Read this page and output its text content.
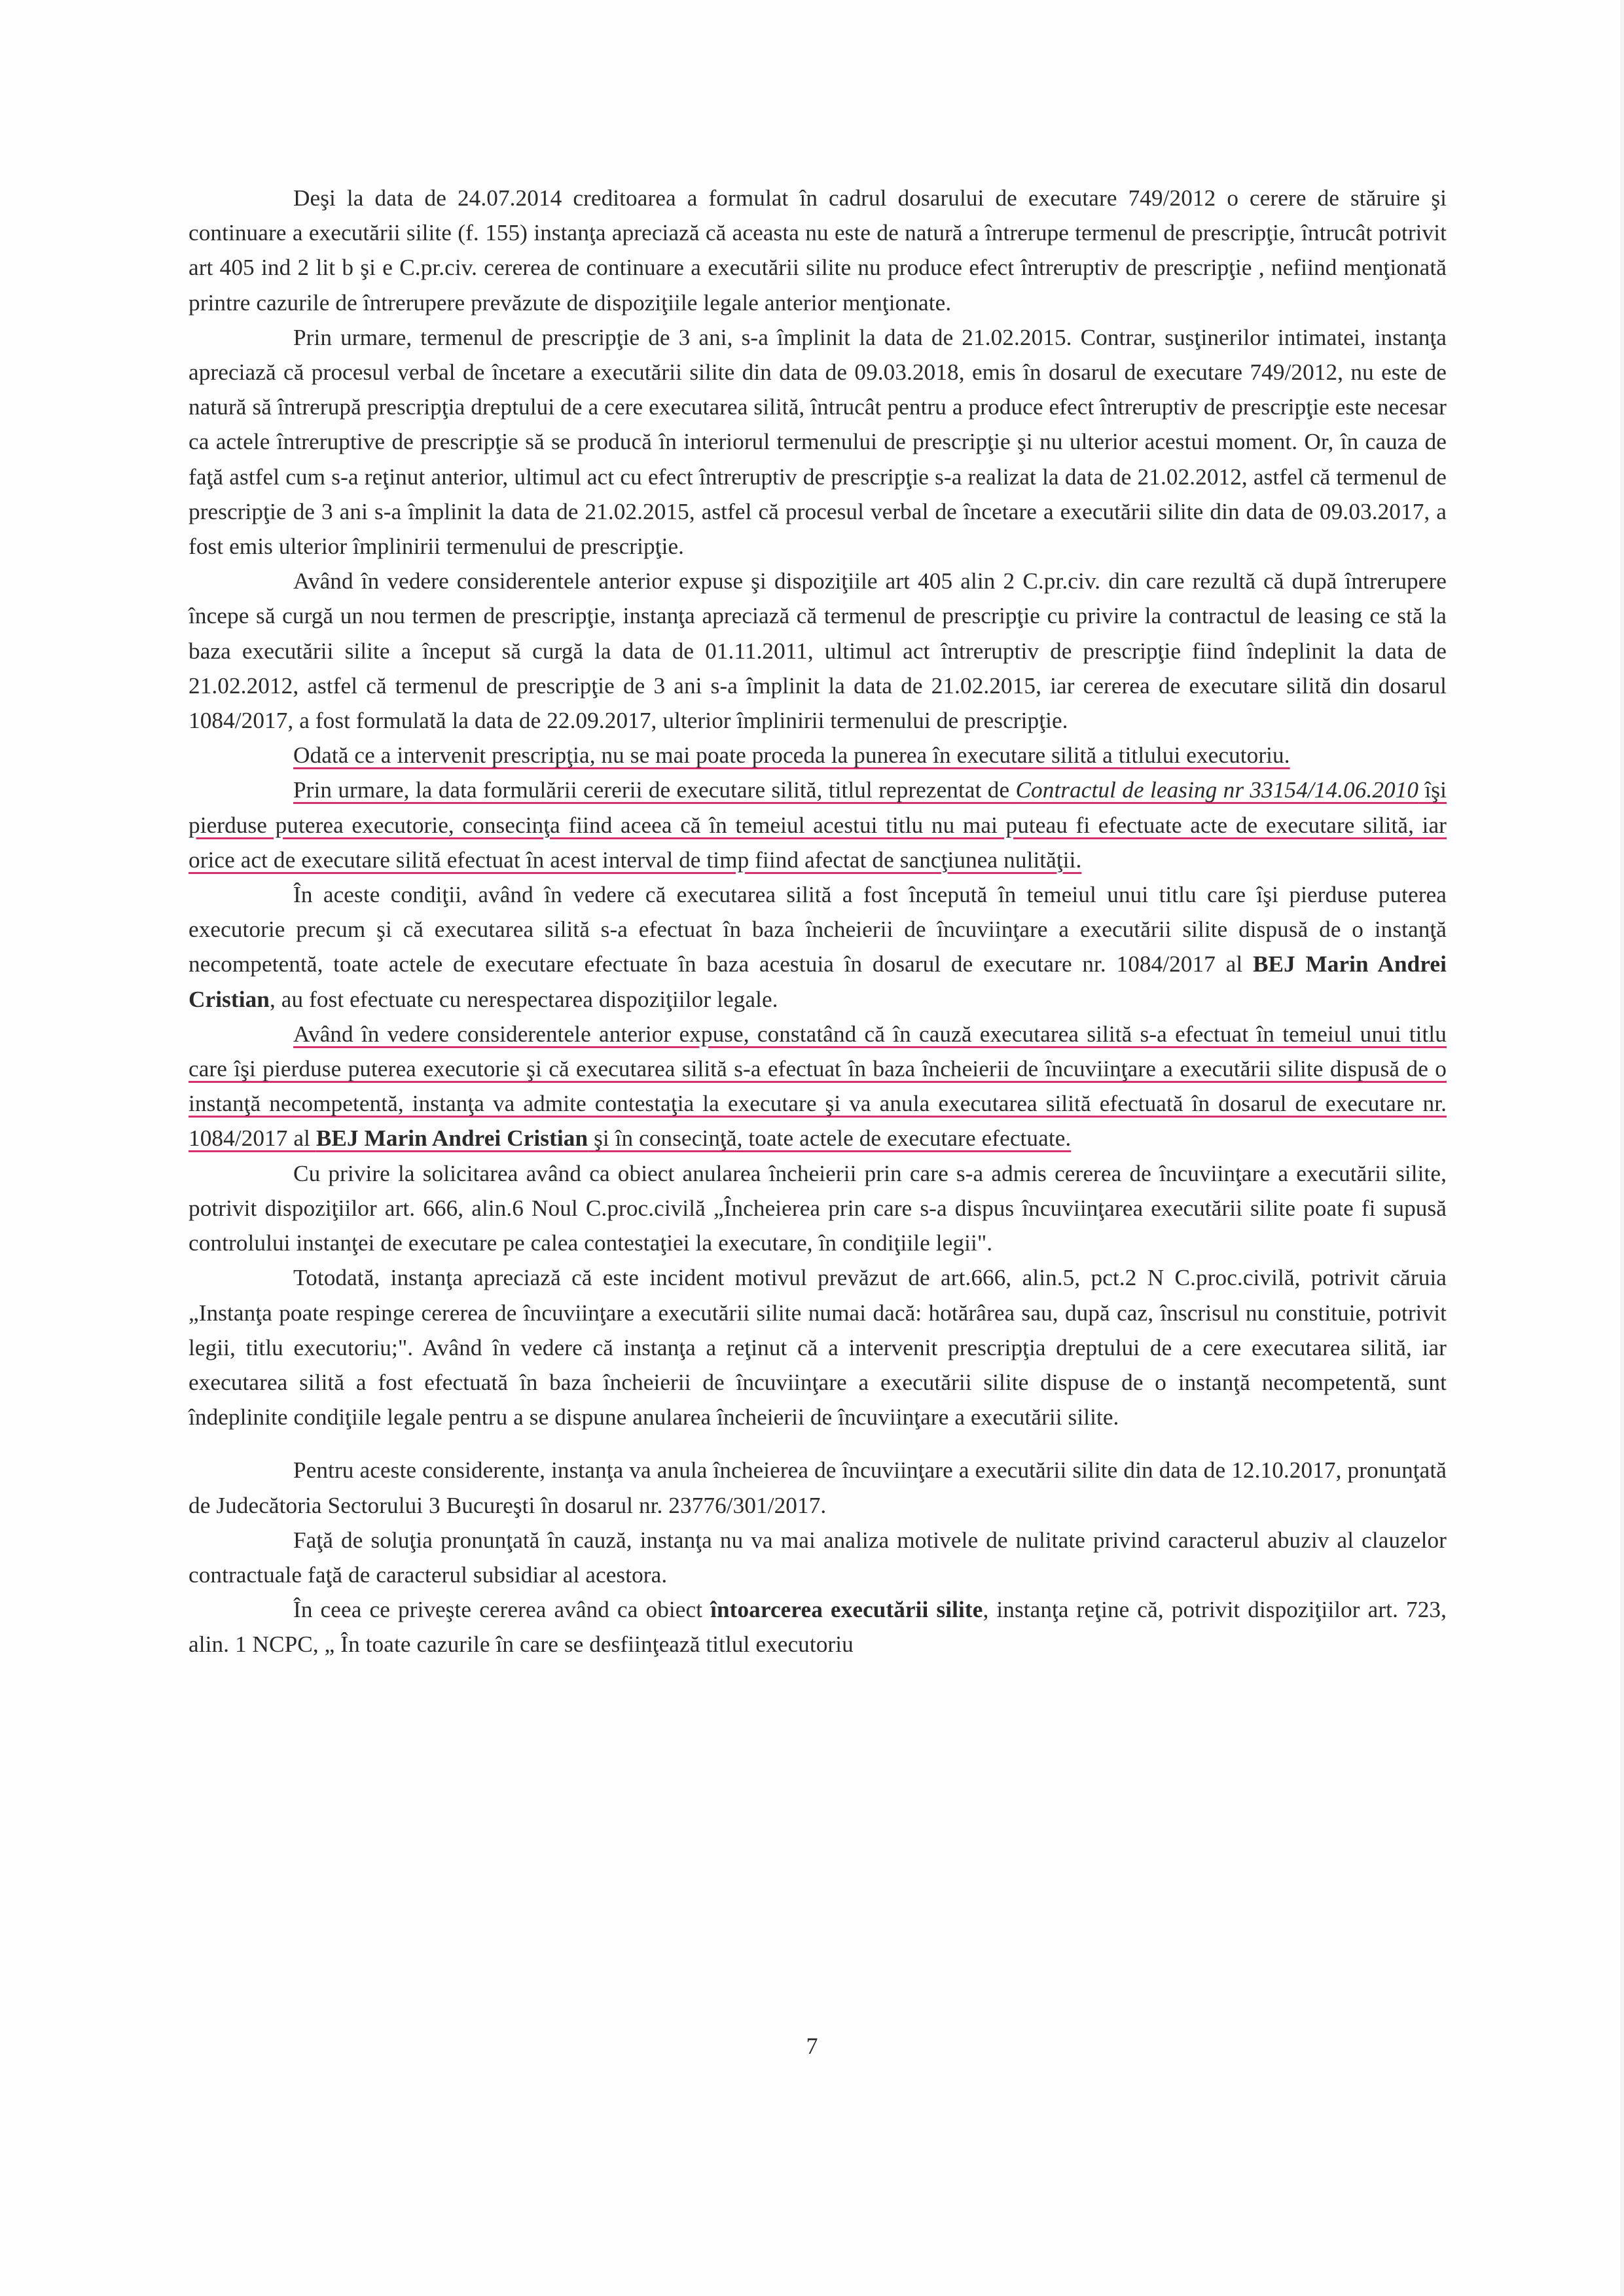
Deşi la data de 24.07.2014 creditoarea a formulat în cadrul dosarului de executare 749/2012 o cerere de stăruire şi continuare a executării silite (f. 155) instanţa apreciază că aceasta nu este de natură a întrerupe termenul de prescripţie, întrucât potrivit art 405 ind 2 lit b şi e C.pr.civ. cererea de continuare a executării silite nu produce efect întreruptiv de prescripţie , nefiind menţionată printre cazurile de întrerupere prevăzute de dispoziţiile legale anterior menţionate.

Prin urmare, termenul de prescripţie de 3 ani, s-a împlinit la data de 21.02.2015. Contrar, susţinerilor intimatei, instanţa apreciază că procesul verbal de încetare a executării silite din data de 09.03.2018, emis în dosarul de executare 749/2012, nu este de natură să întrerupă prescripţia dreptului de a cere executarea silită, întrucât pentru a produce efect întreruptiv de prescripţie este necesar ca actele întreruptive de prescripţie să se producă în interiorul termenului de prescripţie şi nu ulterior acestui moment. Or, în cauza de faţă astfel cum s-a reţinut anterior, ultimul act cu efect întreruptiv de prescripţie s-a realizat la data de 21.02.2012, astfel că termenul de prescripţie de 3 ani s-a împlinit la data de 21.02.2015, astfel că procesul verbal de încetare a executării silite din data de 09.03.2017, a fost emis ulterior împlinirii termenului de prescripţie.

Având în vedere considerentele anterior expuse şi dispoziţiile art 405 alin 2 C.pr.civ. din care rezultă că după întrerupere începe să curgă un nou termen de prescripţie, instanţa apreciază că termenul de prescripţie cu privire la contractul de leasing ce stă la baza executării silite a început să curgă la data de 01.11.2011, ultimul act întreruptiv de prescripţie fiind îndeplinit la data de 21.02.2012, astfel că termenul de prescripţie de 3 ani s-a împlinit la data de 21.02.2015, iar cererea de executare silită din dosarul 1084/2017, a fost formulată la data de 22.09.2017, ulterior împlinirii termenului de prescripţie.

Odată ce a intervenit prescripţia, nu se mai poate proceda la punerea în executare silită a titlului executoriu.

Prin urmare, la data formulării cererii de executare silită, titlul reprezentat de Contractul de leasing nr 33154/14.06.2010 îşi pierduse puterea executorie, consecinţa fiind aceea că în temeiul acestui titlu nu mai puteau fi efectuate acte de executare silită, iar orice act de executare silită efectuat în acest interval de timp fiind afectat de sancţiunea nulităţii.

În aceste condiţii, având în vedere că executarea silită a fost începută în temeiul unui titlu care îşi pierduse puterea executorie precum şi că executarea silită s-a efectuat în baza încheierii de încuviinţare a executării silite dispusă de o instanţă necompetentă, toate actele de executare efectuate în baza acestuia în dosarul de executare nr. 1084/2017 al BEJ Marin Andrei Cristian, au fost efectuate cu nerespectarea dispoziţiilor legale.

Având în vedere considerentele anterior expuse, constatând că în cauză executarea silită s-a efectuat în temeiul unui titlu care îşi pierduse puterea executorie şi că executarea silită s-a efectuat în baza încheierii de încuviinţare a executării silite dispusă de o instanţă necompetentă, instanţa va admite contestaţia la executare şi va anula executarea silită efectuată în dosarul de executare nr. 1084/2017 al BEJ Marin Andrei Cristian şi în consecinţă, toate actele de executare efectuate.

Cu privire la solicitarea având ca obiect anularea încheierii prin care s-a admis cererea de încuviinţare a executării silite, potrivit dispoziţiilor art. 666, alin.6 Noul C.proc.civilă „Încheierea prin care s-a dispus încuviinţarea executării silite poate fi supusă controlului instanţei de executare pe calea contestaţiei la executare, în condiţiile legii".

Totodată, instanţa apreciază că este incident motivul prevăzut de art.666, alin.5, pct.2 N C.proc.civilă, potrivit căruia „Instanţa poate respinge cererea de încuviinţare a executării silite numai dacă: hotărârea sau, după caz, înscrisul nu constituie, potrivit legii, titlu executoriu;". Având în vedere că instanţa a reţinut că a intervenit prescripţia dreptului de a cere executarea silită, iar executarea silită a fost efectuată în baza încheierii de încuviinţare a executării silite dispuse de o instanţă necompetentă, sunt îndeplinite condiţiile legale pentru a se dispune anularea încheierii de încuviinţare a executării silite.

Pentru aceste considerente, instanţa va anula încheierea de încuviinţare a executării silite din data de 12.10.2017, pronunţată de Judecătoria Sectorului 3 Bucureşti în dosarul nr. 23776/301/2017.

Faţă de soluţia pronunţată în cauză, instanţa nu va mai analiza motivele de nulitate privind caracterul abuziv al clauzelor contractuale faţă de caracterul subsidiar al acestora.

În ceea ce priveşte cererea având ca obiect întoarcerea executării silite, instanţa reţine că, potrivit dispoziţiilor art. 723, alin. 1 NCPC, „ În toate cazurile în care se desfiinţează titlul executoriu

7
